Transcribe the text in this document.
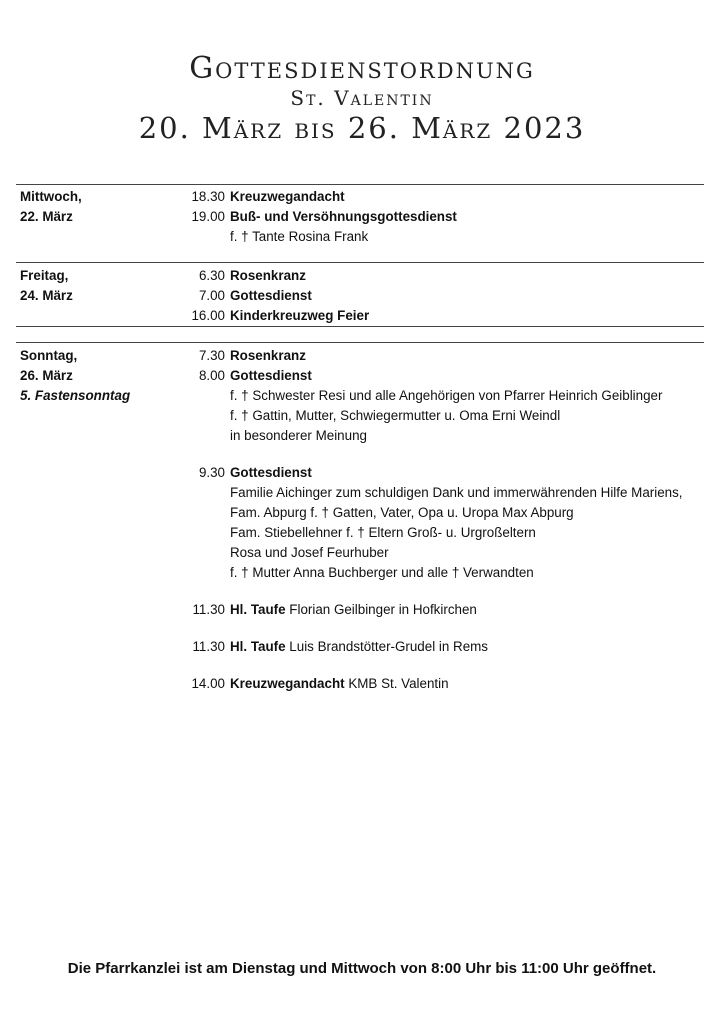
Gottesdienstordnung
St. Valentin
20. März bis 26. März 2023
Mittwoch,
22. März
18.30 Kreuzwegandacht
19.00 Buß- und Versöhnungsgottesdienst
f. † Tante Rosina Frank
Freitag,
24. März
6.30 Rosenkranz
7.00 Gottesdienst
16.00 Kinderkreuzweg Feier
Sonntag,
26. März
5. Fastensonntag
7.30 Rosenkranz
8.00 Gottesdienst
f. † Schwester Resi und alle Angehörigen von Pfarrer Heinrich Geiblinger
f. † Gattin, Mutter, Schwiegermutter u. Oma Erni Weindl
in besonderer Meinung
9.30 Gottesdienst
Familie Aichinger zum schuldigen Dank und immerwährenden Hilfe Mariens,
Fam. Abpurg f. † Gatten, Vater, Opa u. Uropa Max Abpurg
Fam. Stiebellehner f. † Eltern Groß- u. Urgroßeltern
Rosa und Josef Feurhuber
f. † Mutter Anna Buchberger und alle † Verwandten
11.30 Hl. Taufe Florian Geilbinger in Hofkirchen
11.30 Hl. Taufe Luis Brandstötter-Grudel in Rems
14.00 Kreuzwegandacht KMB St. Valentin
Die Pfarrkanzlei ist am Dienstag und Mittwoch von 8:00 Uhr bis 11:00 Uhr geöffnet.
